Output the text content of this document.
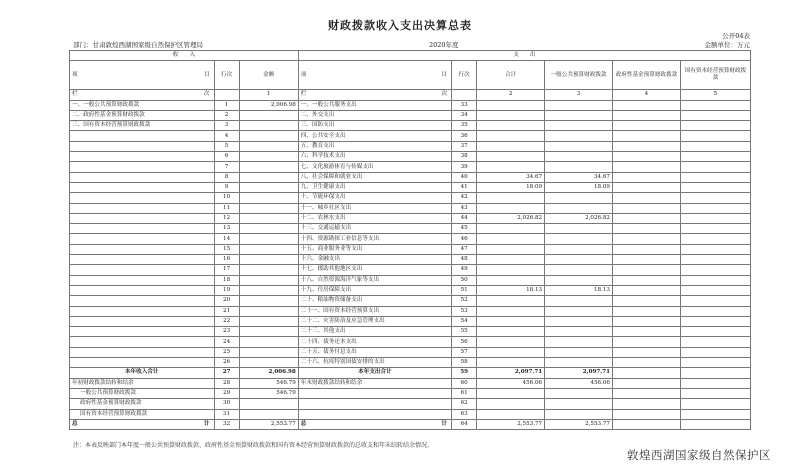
财政拨款收入支出决算总表
公开04表
部门：甘肃敦煌西湖国家级自然保护区管理局	2020年度	金额单位：万元
收　　入			支　　出					

项 目	行次	金额	项 目	行次	合计	一般公共预算财政拨款	政府性基金预算财政拨款	国有资本经营预算财政拨款

栏 次		1	栏 次		2	3	4	5
一、一般公共预算财政拨款	1	2,006.98	一、一般公共服务支出	33				
二、政府性基金预算财政拨款	2		二、外交支出	34				
三、国有资本经营预算财政拨款	3		三、国防支出	35				
	4		四、公共安全支出	36				
	5		五、教育支出	37				
	6		六、科学技术支出	38				
	7		七、文化旅游体育与传媒支出	39				
	8		八、社会保障和就业支出	40	34.67	34.67		
	9		九、卫生健康支出	41	18.09	18.09		
	10		十、节能环保支出	42				
	11		十一、城乡社区支出	43				
	12		十二、农林水支出	44	2,026.82	2,026.82		
	13		十三、交通运输支出	45				
	14		十四、资源勘探工业信息等支出	46				
	15		十五、商业服务业等支出	47				
	16		十六、金融支出	48				
	17		十七、援助其他地区支出	49				
	18		十八、自然资源海洋气象等支出	50				
	19		十九、住房保障支出	51	18.13	18.13		
	20		二十、粮油物资储备支出	52				
	21		二十一、国有资本经营预算支出	53				
	22		二十二、灾害防治及应急管理支出	54				
	23		二十三、其他支出	55				
	24		二十四、债务还本支出	56				
	25		二十五、债务付息支出	57				
	26		二十六、抗疫特别国债安排的支出	58				
本年收入合计	27	2,006.98	本年支出合计	59	2,097.71	2,097.71		
年初财政拨款结转和结余	28	546.79	年末财政拨款结转和结余	60	456.06	456.06		
一般公共预算财政拨款	29	546.79		61				
政府性基金预算财政拨款	30			62				
国有资本经营预算财政拨款	31			63				

总 计	32	2,553.77	总 计	64	2,553.77	2,553.77		
注：本表反映部门本年度一般公共预算财政拨款、政府性基金预算财政拨款和国有资本经营预算财政拨款的总收支和年末结转结余情况。
敦煌西湖国家级自然保护区
